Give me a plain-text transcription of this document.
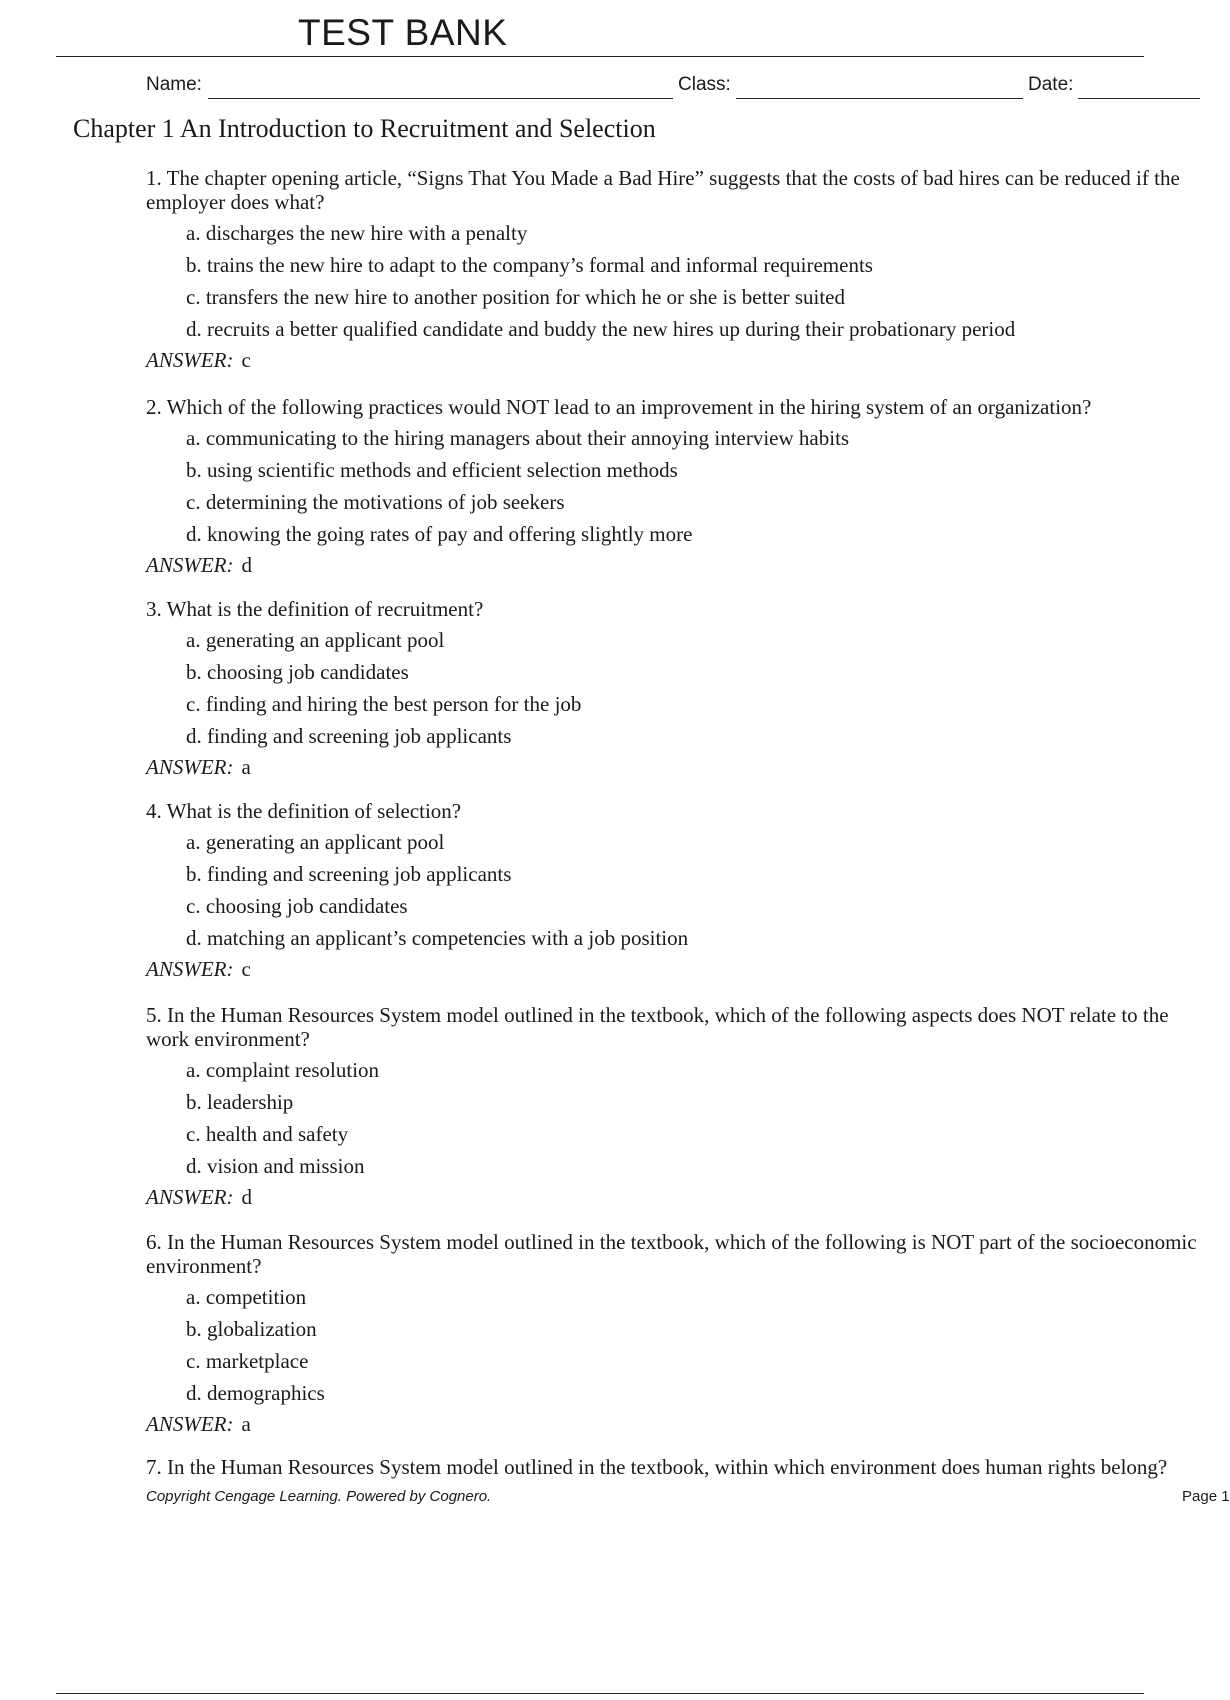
TEST BANK
Name:	Class:	Date:
Chapter 1 An Introduction to Recruitment and Selection

1. The chapter opening article, “Signs That You Made a Bad Hire” suggests that the costs of bad hires can be reduced if the employer does what?

a. discharges the new hire with a penalty
b. trains the new hire to adapt to the company’s formal and informal requirements
c. transfers the new hire to another position for which he or she is better suited
d. recruits a better qualified candidate and buddy the new hires up during their probationary period
ANSWER: c

2. Which of the following practices would NOT lead to an improvement in the hiring system of an organization?

a. communicating to the hiring managers about their annoying interview habits
b. using scientific methods and efficient selection methods
c. determining the motivations of job seekers
d. knowing the going rates of pay and offering slightly more
ANSWER: d

3. What is the definition of recruitment?

a. generating an applicant pool
b. choosing job candidates
c. finding and hiring the best person for the job
d. finding and screening job applicants
ANSWER: a

4. What is the definition of selection?

a. generating an applicant pool
b. finding and screening job applicants
c. choosing job candidates
d. matching an applicant’s competencies with a job position
ANSWER: c

5. In the Human Resources System model outlined in the textbook, which of the following aspects does NOT relate to the work environment?

a. complaint resolution
b. leadership
c. health and safety
d. vision and mission
ANSWER: d

6. In the Human Resources System model outlined in the textbook, which of the following is NOT part of the socioeconomic environment?

a. competition
b. globalization
c. marketplace
d. demographics
ANSWER: a

7. In the Human Resources System model outlined in the textbook, within which environment does human rights belong?

Copyright Cengage Learning. Powered by Cognero.	Page 1
